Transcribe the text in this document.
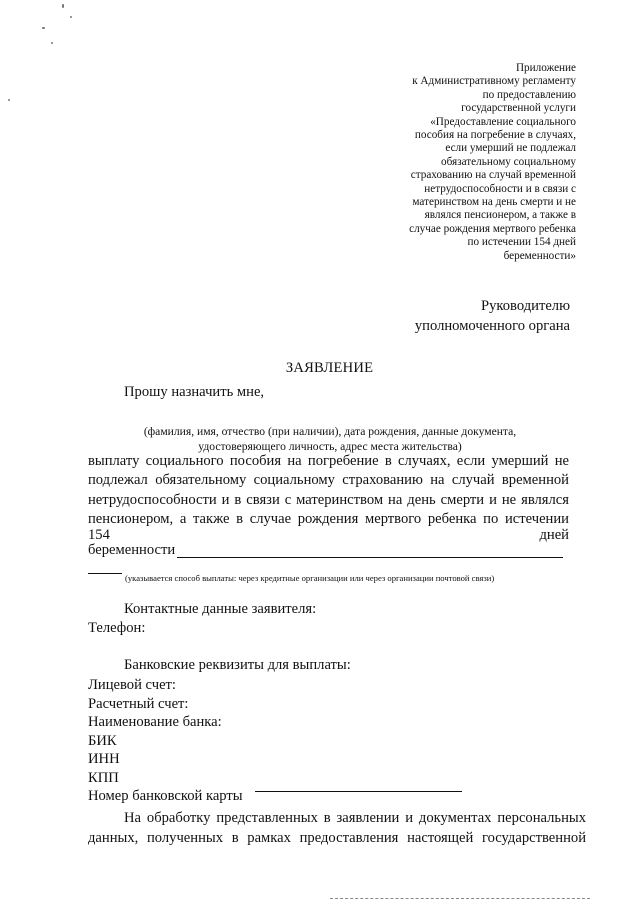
Приложение
к Административному регламенту
по предоставлению
государственной услуги
«Предоставление социального
пособия на погребение в случаях,
если умерший не подлежал
обязательному социальному
страхованию на случай временной
нетрудоспособности и в связи с
материнством на день смерти и не
являлся пенсионером, а также в
случае рождения мертвого ребенка
по истечении 154 дней
беременности»
Руководителю
уполномоченного органа
ЗАЯВЛЕНИЕ
Прошу назначить мне,
(фамилия, имя, отчество (при наличии), дата рождения, данные документа,
удостоверяющего личность, адрес места жительства)
выплату социального пособия на погребение в случаях, если умерший не
подлежал обязательному социальному страхованию на случай временной
нетрудоспособности и в связи с материнством на день смерти и не являлся
пенсионером, а также в случае рождения мертвого ребенка по истечении
154	дней
беременности
(указывается способ выплаты: через кредитные организации или через организации почтовой связи)
Контактные данные заявителя:
Телефон:
Банковские реквизиты для выплаты:
Лицевой счет:
Расчетный счет:
Наименование банка:
БИК
ИНН
КПП
Номер банковской карты
На обработку представленных в заявлении и документах персональных
данных, полученных в рамках предоставления настоящей государственной
